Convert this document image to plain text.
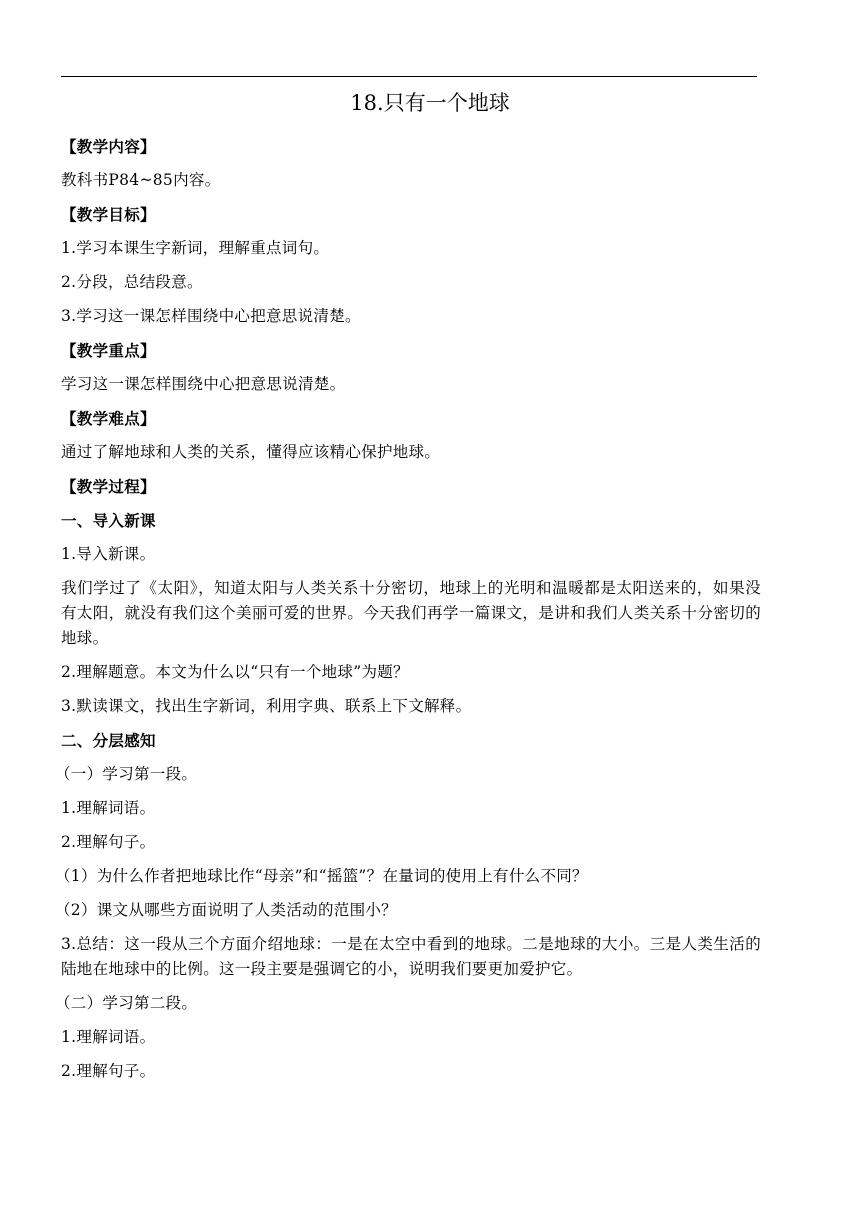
18.只有一个地球

【教学内容】

教科书P84~85内容。

【教学目标】

1.学习本课生字新词，理解重点词句。

2.分段，总结段意。

3.学习这一课怎样围绕中心把意思说清楚。

【教学重点】

学习这一课怎样围绕中心把意思说清楚。

【教学难点】

通过了解地球和人类的关系，懂得应该精心保护地球。

【教学过程】

一、导入新课

1.导入新课。

我们学过了《太阳》，知道太阳与人类关系十分密切，地球上的光明和温暖都是太阳送来的，如果没有太阳，就没有我们这个美丽可爱的世界。今天我们再学一篇课文，是讲和我们人类关系十分密切的地球。

2.理解题意。本文为什么以“只有一个地球”为题？

3.默读课文，找出生字新词，利用字典、联系上下文解释。

二、分层感知

（一）学习第一段。

1.理解词语。

2.理解句子。

（1）为什么作者把地球比作“母亲”和“摇篮”？在量词的使用上有什么不同？

（2）课文从哪些方面说明了人类活动的范围小？

3.总结：这一段从三个方面介绍地球：一是在太空中看到的地球。二是地球的大小。三是人类生活的陆地在地球中的比例。这一段主要是强调它的小，说明我们要更加爱护它。

（二）学习第二段。

1.理解词语。

2.理解句子。
